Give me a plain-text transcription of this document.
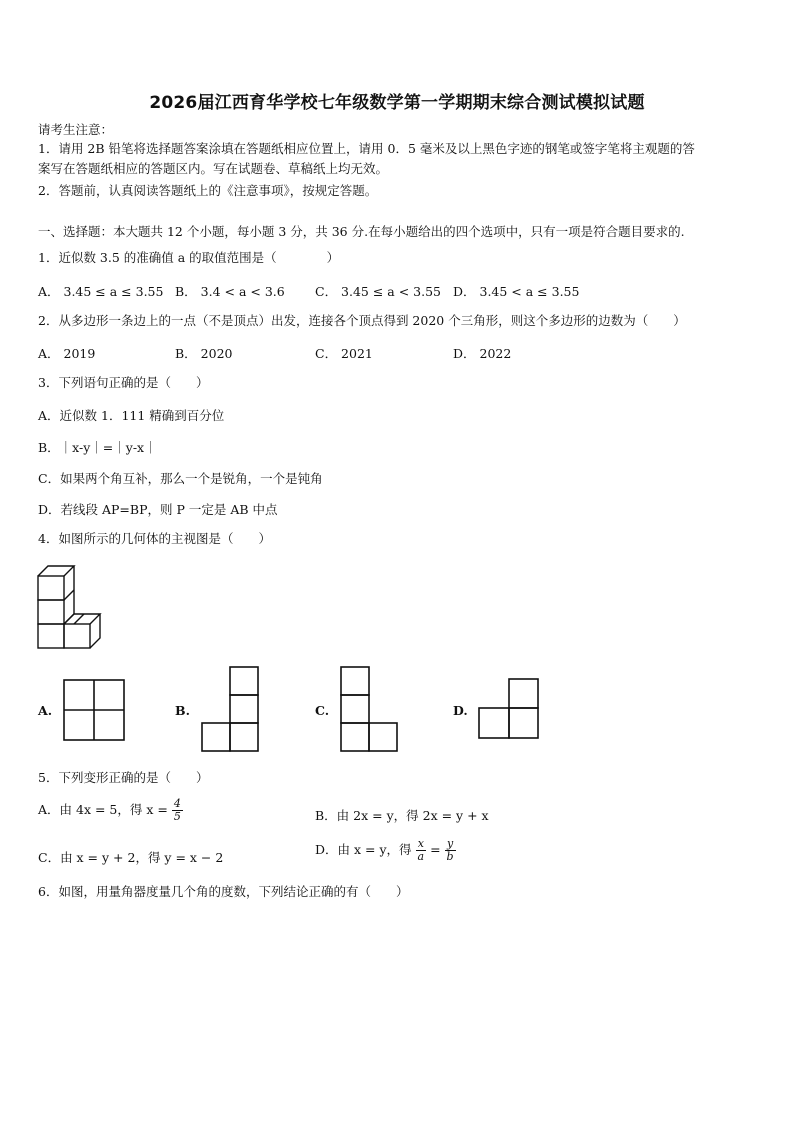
2026届江西育华学校七年级数学第一学期期末综合测试模拟试题
请考生注意：
1．请用 2B 铅笔将选择题答案涂填在答题纸相应位置上，请用 0．5 毫米及以上黑色字迹的钢笔或签字笔将主观题的答
案写在答题纸相应的答题区内。写在试题卷、草稿纸上均无效。
2．答题前，认真阅读答题纸上的《注意事项》，按规定答题。
一、选择题：本大题共 12 个小题，每小题 3 分，共 36 分.在每小题给出的四个选项中，只有一项是符合题目要求的.
1．近似数 3.5 的准确值 a 的取值范围是（　　　　）
A． 3.45 ≤ a ≤ 3.55 B． 3.4 < a < 3.6 C． 3.45 ≤ a < 3.55 D． 3.45 < a ≤ 3.55
2．从多边形一条边上的一点（不是顶点）出发，连接各个顶点得到 2020 个三角形，则这个多边形的边数为（　　）
A． 2019	B． 2020	C． 2021	D． 2022
3．下列语句正确的是（　　）
A．近似数 1．111 精确到百分位
B．｜x-y｜=｜y-x｜
C．如果两个角互补，那么一个是锐角，一个是钝角
D．若线段 AP=BP，则 P 一定是 AB 中点
4．如图所示的几何体的主视图是（　　）
A.	B.	C.	D.
5．下列变形正确的是（　　）
A．由 4x = 5，得 $x = \frac{4}{5}$	B．由 2x = y，得 2x = y + x
C．由 x = y + 2，得 y = x − 2
D．由 x = y，得 $\frac{x}{a} = \frac{y}{b}$
6．如图，用量角器度量几个角的度数，下列结论正确的有（　　）
